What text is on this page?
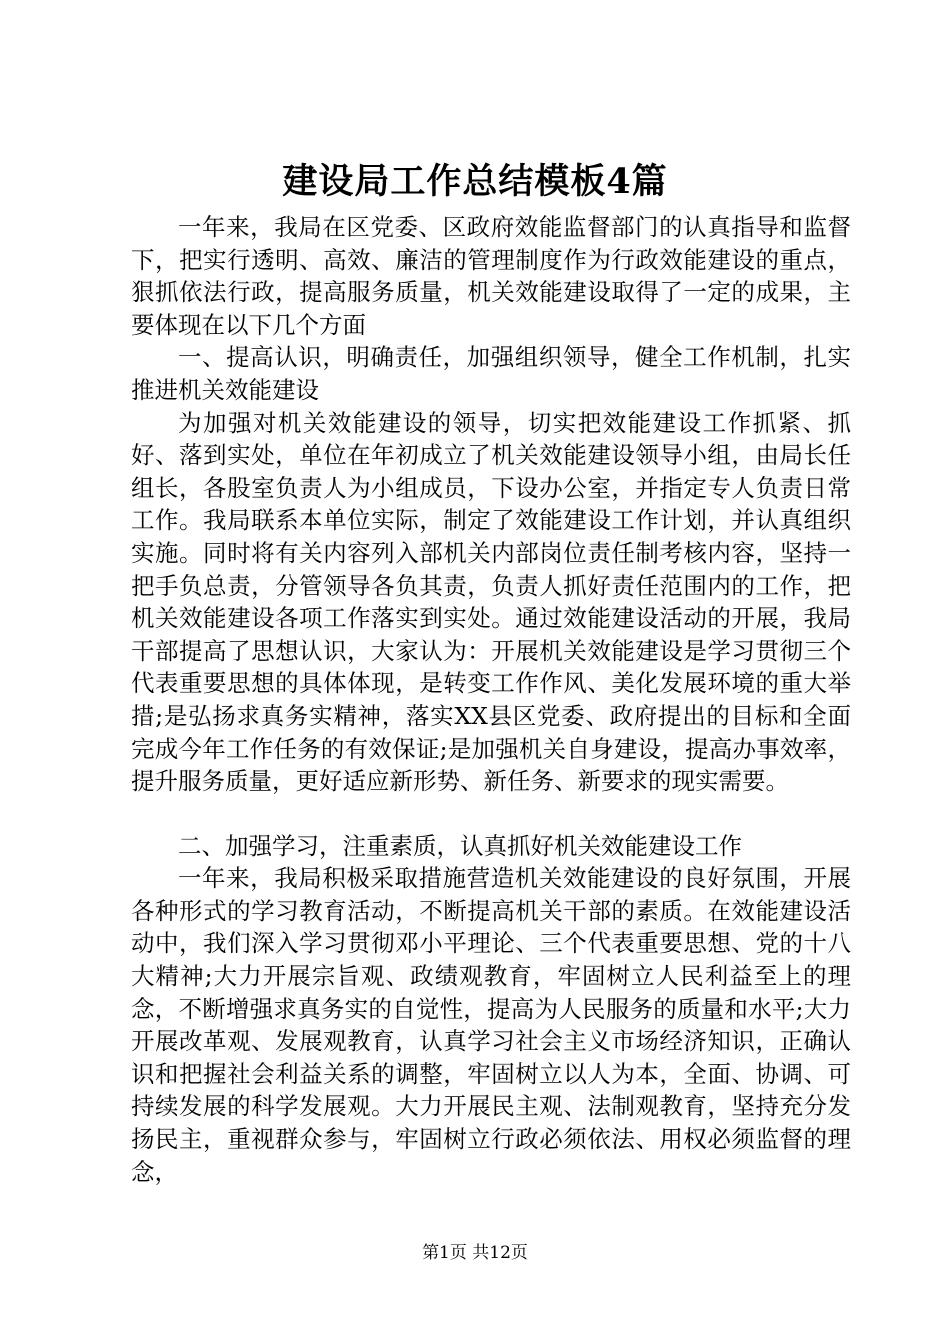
建设局工作总结模板4篇

一年来，我局在区党委、区政府效能监督部门的认真指导和监督下，把实行透明、高效、廉洁的管理制度作为行政效能建设的重点，狠抓依法行政，提高服务质量，机关效能建设取得了一定的成果，主要体现在以下几个方面

一、提高认识，明确责任，加强组织领导，健全工作机制，扎实推进机关效能建设

为加强对机关效能建设的领导，切实把效能建设工作抓紧、抓好、落到实处，单位在年初成立了机关效能建设领导小组，由局长任组长，各股室负责人为小组成员，下设办公室，并指定专人负责日常工作。我局联系本单位实际，制定了效能建设工作计划，并认真组织实施。同时将有关内容列入部机关内部岗位责任制考核内容，坚持一把手负总责，分管领导各负其责，负责人抓好责任范围内的工作，把机关效能建设各项工作落实到实处。通过效能建设活动的开展，我局干部提高了思想认识，大家认为：开展机关效能建设是学习贯彻三个代表重要思想的具体体现，是转变工作作风、美化发展环境的重大举措;是弘扬求真务实精神，落实XX县区党委、政府提出的目标和全面完成今年工作任务的有效保证;是加强机关自身建设，提高办事效率，提升服务质量，更好适应新形势、新任务、新要求的现实需要。

二、加强学习，注重素质，认真抓好机关效能建设工作

一年来，我局积极采取措施营造机关效能建设的良好氛围，开展各种形式的学习教育活动，不断提高机关干部的素质。在效能建设活动中，我们深入学习贯彻邓小平理论、三个代表重要思想、党的十八大精神;大力开展宗旨观、政绩观教育，牢固树立人民利益至上的理念，不断增强求真务实的自觉性，提高为人民服务的质量和水平;大力开展改革观、发展观教育，认真学习社会主义市场经济知识，正确认识和把握社会利益关系的调整，牢固树立以人为本，全面、协调、可持续发展的科学发展观。大力开展民主观、法制观教育，坚持充分发扬民主，重视群众参与，牢固树立行政必须依法、用权必须监督的理念，

第1页 共12页
